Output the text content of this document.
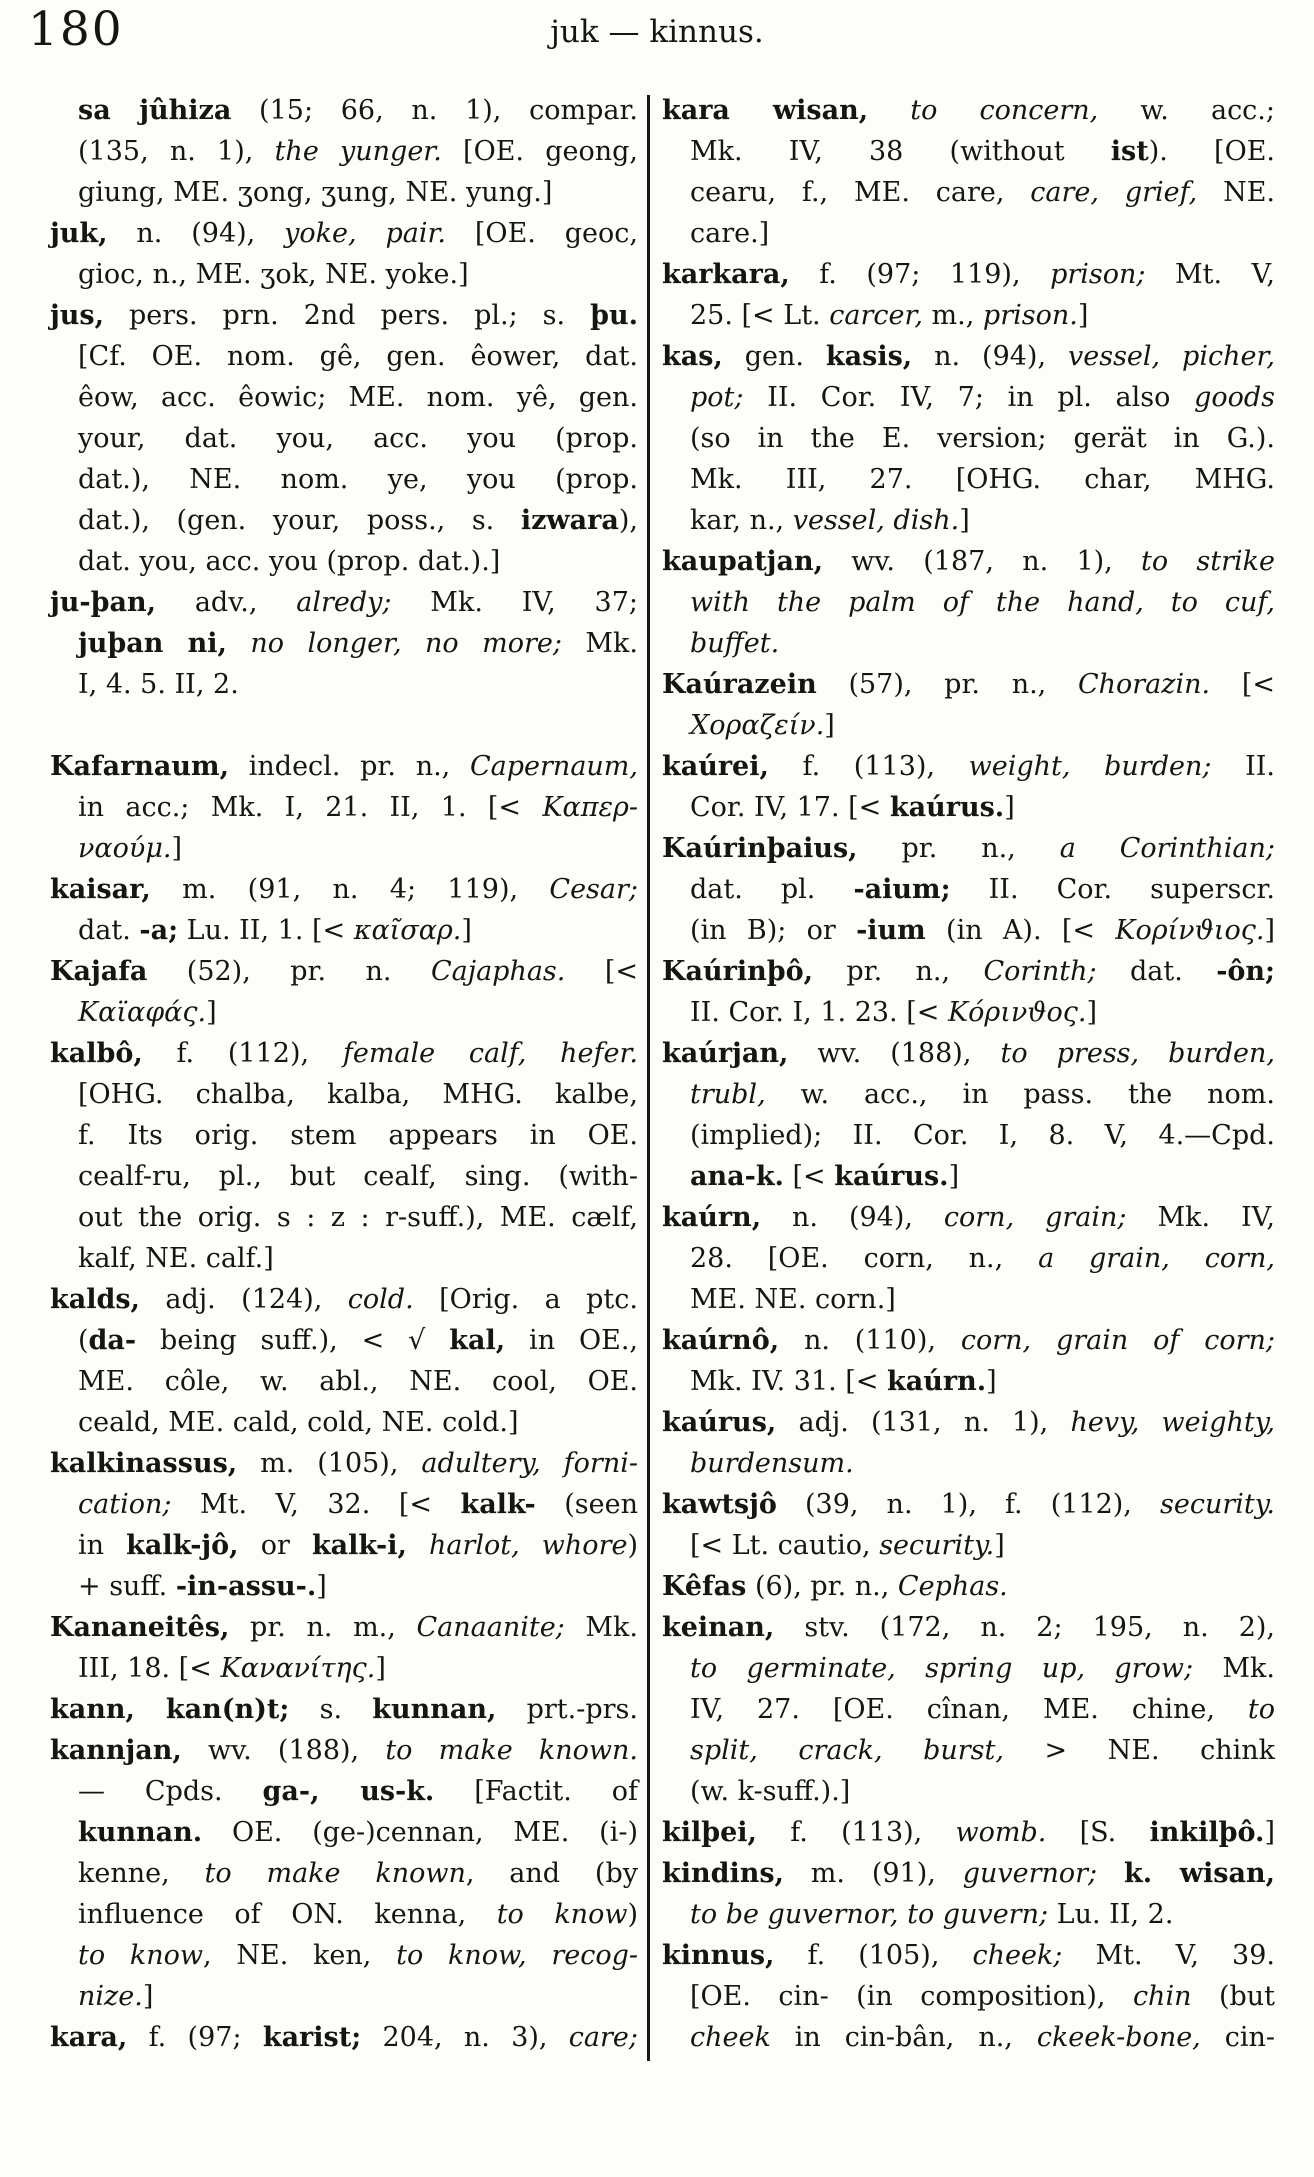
180	juk — kinnus.
sa jûhiza (15; 66, n. 1), compar.
(135, n. 1), the yunger. [OE. geong,
giung, ME. ʒong, ʒung, NE. yung.]
juk, n. (94), yoke, pair. [OE. geoc,
gioc, n., ME. ʒok, NE. yoke.]
jus, pers. prn. 2nd pers. pl.; s. þu.
[Cf. OE. nom. gê, gen. êower, dat.
êow, acc. êowic; ME. nom. yê, gen.
your, dat. you, acc. you (prop.
dat.), NE. nom. ye, you (prop.
dat.), (gen. your, poss., s. izwara),
dat. you, acc. you (prop. dat.).]
ju-þan, adv., alredy; Mk. IV, 37;
juþan ni, no longer, no more; Mk.
I, 4. 5. II, 2.
Kafarnaum, indecl. pr. n., Capernaum,
in acc.; Mk. I, 21. II, 1. [< Καπερ-
ναούμ.]
kaisar, m. (91, n. 4; 119), Cesar;
dat. -a; Lu. II, 1. [< καῖσαρ.]
Kajafa (52), pr. n. Cajaphas. [<
Καϊαφάς.]
kalbô, f. (112), female calf, hefer.
[OHG. chalba, kalba, MHG. kalbe,
f. Its orig. stem appears in OE.
cealf-ru, pl., but cealf, sing. (with-
out the orig. s : z : r-suff.), ME. cælf,
kalf, NE. calf.]
kalds, adj. (124), cold. [Orig. a ptc.
(da- being suff.), < √ kal, in OE.,
ME. côle, w. abl., NE. cool, OE.
ceald, ME. cald, cold, NE. cold.]
kalkinassus, m. (105), adultery, forni-
cation; Mt. V, 32. [< kalk- (seen
in kalk-jô, or kalk-i, harlot, whore)
+ suff. -in-assu-.]
Kananeitês, pr. n. m., Canaanite; Mk.
III, 18. [< Κανανίτης.]
kann, kan(n)t; s. kunnan, prt.-prs.
kannjan, wv. (188), to make known.
— Cpds. ga-, us-k. [Factit. of
kunnan. OE. (ge-)cennan, ME. (i-)
kenne, to make known, and (by
influence of ON. kenna, to know)
to know, NE. ken, to know, recog-
nize.]
kara, f. (97; karist; 204, n. 3), care;
kara wisan, to concern, w. acc.;
Mk. IV, 38 (without ist). [OE.
cearu, f., ME. care, care, grief, NE.
care.]
karkara, f. (97; 119), prison; Mt. V,
25. [< Lt. carcer, m., prison.]
kas, gen. kasis, n. (94), vessel, picher,
pot; II. Cor. IV, 7; in pl. also goods
(so in the E. version; gerät in G.).
Mk. III, 27. [OHG. char, MHG.
kar, n., vessel, dish.]
kaupatjan, wv. (187, n. 1), to strike
with the palm of the hand, to cuf,
buffet.
Kaúrazein (57), pr. n., Chorazin. [<
Χοραζείν.]
kaúrei, f. (113), weight, burden; II.
Cor. IV, 17. [< kaúrus.]
Kaúrinþaius, pr. n., a Corinthian;
dat. pl. -aium; II. Cor. superscr.
(in B); or -ium (in A). [< Κορίνϑιος.]
Kaúrinþô, pr. n., Corinth; dat. -ôn;
II. Cor. I, 1. 23. [< Κόρινϑος.]
kaúrjan, wv. (188), to press, burden,
trubl, w. acc., in pass. the nom.
(implied); II. Cor. I, 8. V, 4.—Cpd.
ana-k. [< kaúrus.]
kaúrn, n. (94), corn, grain; Mk. IV,
28. [OE. corn, n., a grain, corn,
ME. NE. corn.]
kaúrnô, n. (110), corn, grain of corn;
Mk. IV. 31. [< kaúrn.]
kaúrus, adj. (131, n. 1), hevy, weighty,
burdensum.
kawtsjô (39, n. 1), f. (112), security.
[< Lt. cautio, security.]
Kêfas (6), pr. n., Cephas.
keinan, stv. (172, n. 2; 195, n. 2),
to germinate, spring up, grow; Mk.
IV, 27. [OE. cînan, ME. chine, to
split, crack, burst, > NE. chink
(w. k-suff.).]
kilþei, f. (113), womb. [S. inkilþô.]
kindins, m. (91), guvernor; k. wisan,
to be guvernor, to guvern; Lu. II, 2.
kinnus, f. (105), cheek; Mt. V, 39.
[OE. cin- (in composition), chin (but
cheek in cin-bân, n., ckeek-bone, cin-
